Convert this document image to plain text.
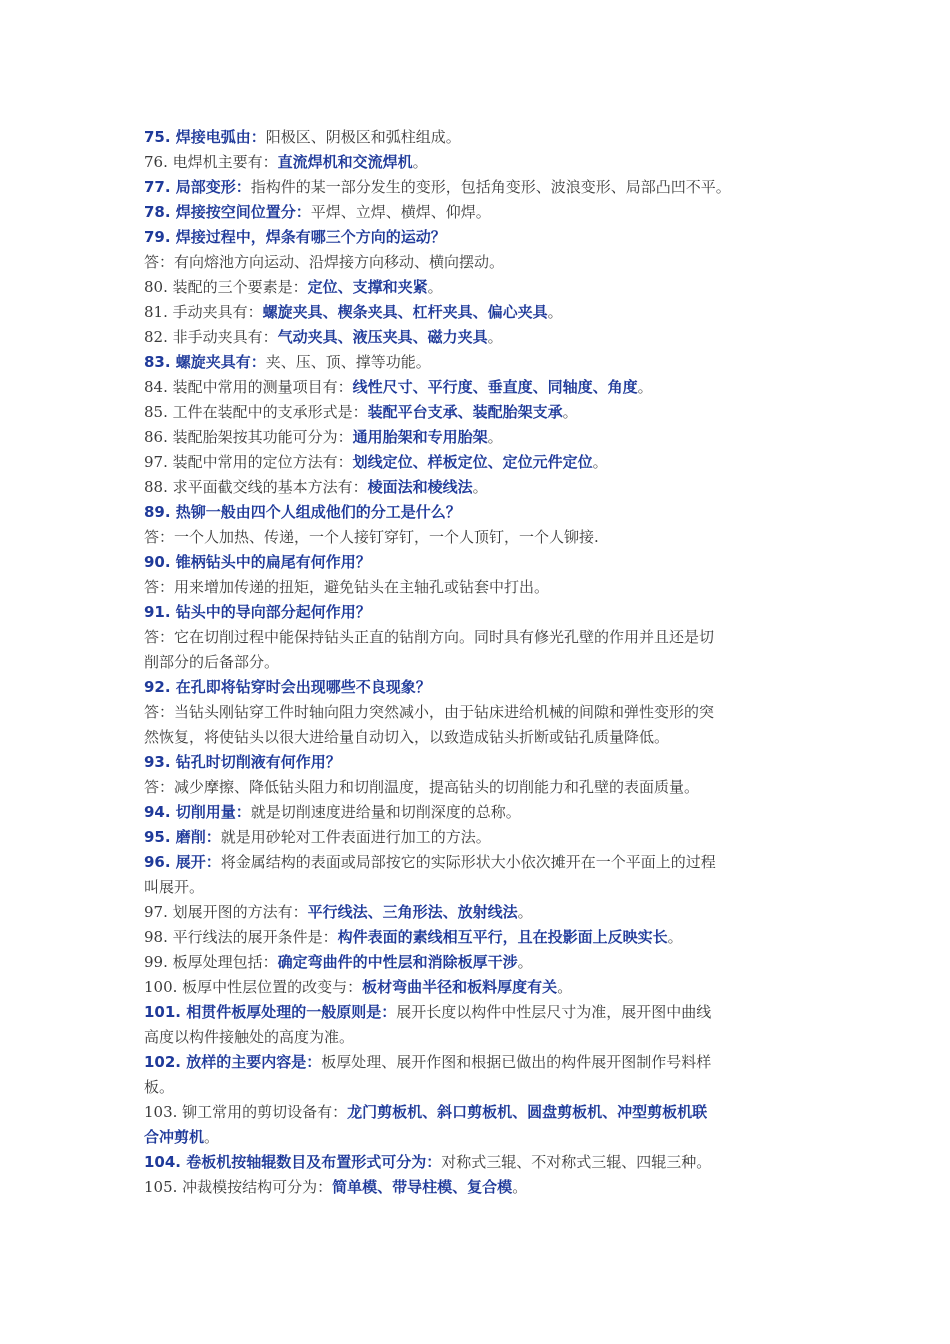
75. 焊接电弧由：阳极区、阴极区和弧柱组成。
76. 电焊机主要有：直流焊机和交流焊机。
77. 局部变形：指构件的某一部分发生的变形，包括角变形、波浪变形、局部凸凹不平。
78. 焊接按空间位置分：平焊、立焊、横焊、仰焊。
79. 焊接过程中，焊条有哪三个方向的运动？
答：有向熔池方向运动、沿焊接方向移动、横向摆动。
80. 装配的三个要素是：定位、支撑和夹紧。
81. 手动夹具有：螺旋夹具、楔条夹具、杠杆夹具、偏心夹具。
82. 非手动夹具有：气动夹具、液压夹具、磁力夹具。
83. 螺旋夹具有：夹、压、顶、撑等功能。
84. 装配中常用的测量项目有：线性尺寸、平行度、垂直度、同轴度、角度。
85. 工件在装配中的支承形式是：装配平台支承、装配胎架支承。
86. 装配胎架按其功能可分为：通用胎架和专用胎架。
97. 装配中常用的定位方法有：划线定位、样板定位、定位元件定位。
88. 求平面截交线的基本方法有：棱面法和棱线法。
89. 热铆一般由四个人组成他们的分工是什么？
答：一个人加热、传递，一个人接钉穿钉，一个人顶钉，一个人铆接.
90. 锥柄钻头中的扁尾有何作用？
答：用来增加传递的扭矩，避免钻头在主轴孔或钻套中打出。
91. 钻头中的导向部分起何作用？
答：它在切削过程中能保持钻头正直的钻削方向。同时具有修光孔壁的作用并且还是切
削部分的后备部分。
92. 在孔即将钻穿时会出现哪些不良现象？
答：当钻头刚钻穿工件时轴向阻力突然减小，由于钻床进给机械的间隙和弹性变形的突
然恢复，将使钻头以很大进给量自动切入，以致造成钻头折断或钻孔质量降低。
93. 钻孔时切削液有何作用？
答：减少摩擦、降低钻头阻力和切削温度，提高钻头的切削能力和孔壁的表面质量。
94. 切削用量：就是切削速度进给量和切削深度的总称。
95. 磨削：就是用砂轮对工件表面进行加工的方法。
96. 展开：将金属结构的表面或局部按它的实际形状大小依次摊开在一个平面上的过程
叫展开。
97. 划展开图的方法有：平行线法、三角形法、放射线法。
98. 平行线法的展开条件是：构件表面的素线相互平行，且在投影面上反映实长。
99. 板厚处理包括：确定弯曲件的中性层和消除板厚干涉。
100. 板厚中性层位置的改变与：板材弯曲半径和板料厚度有关。
101. 相贯件板厚处理的一般原则是：展开长度以构件中性层尺寸为准，展开图中曲线
高度以构件接触处的高度为准。
102. 放样的主要内容是：板厚处理、展开作图和根据已做出的构件展开图制作号料样
板。
103. 铆工常用的剪切设备有：龙门剪板机、斜口剪板机、圆盘剪板机、冲型剪板机联
合冲剪机。
104. 卷板机按轴辊数目及布置形式可分为：对称式三辊、不对称式三辊、四辊三种。
105. 冲裁模按结构可分为：简单模、带导柱模、复合模。
